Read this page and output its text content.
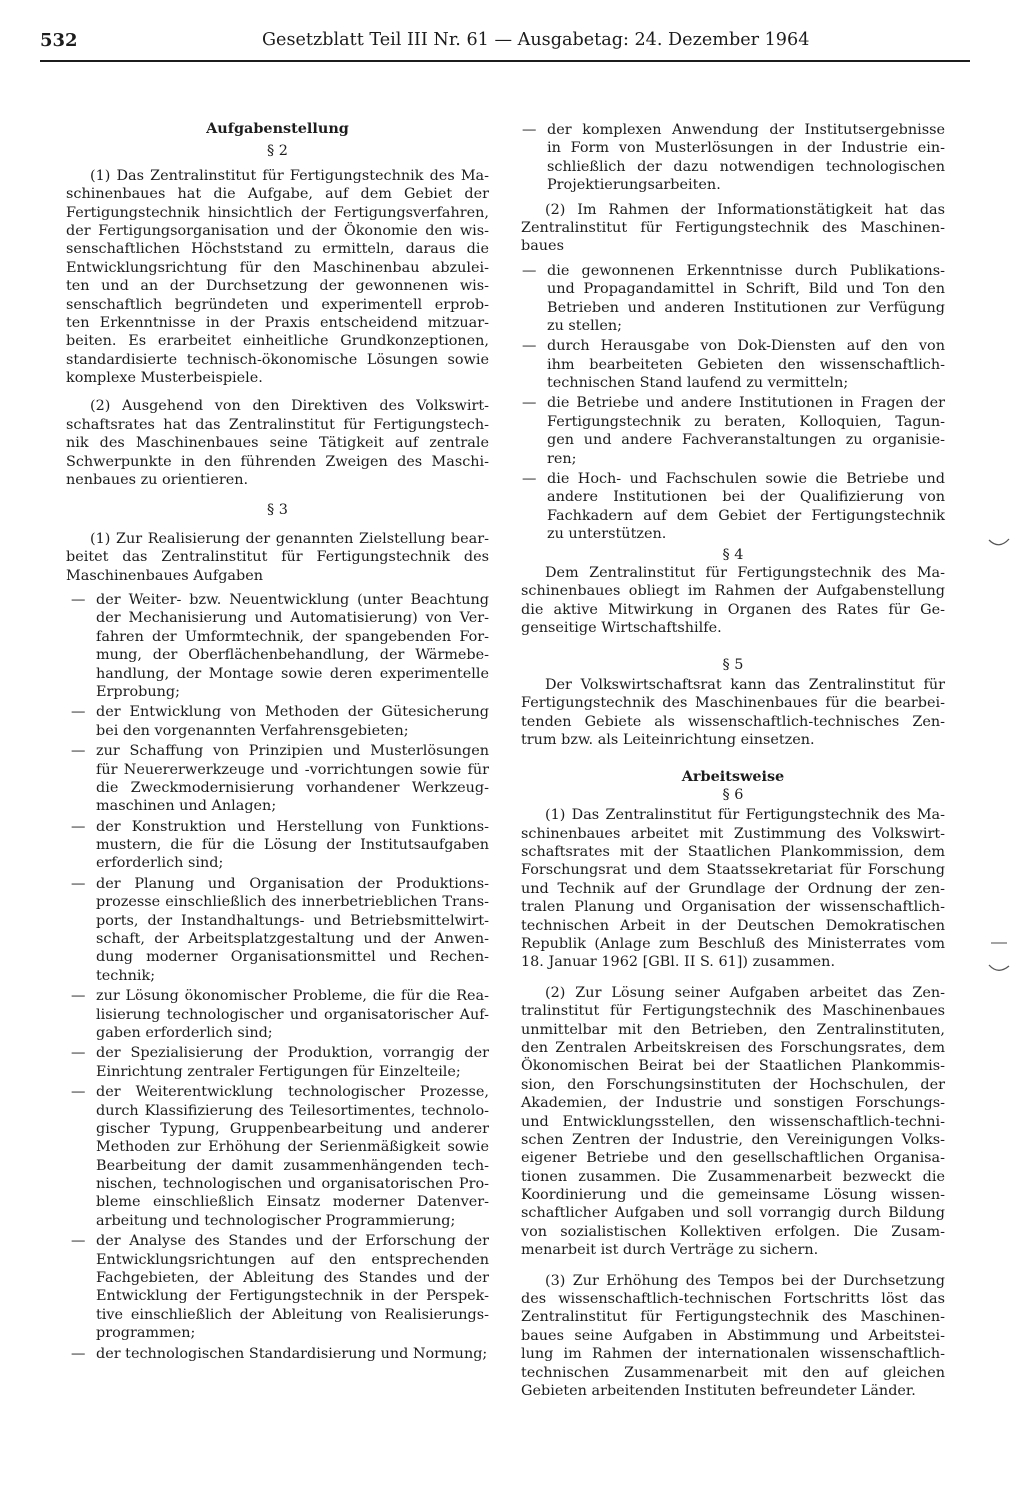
532	Gesetzblatt Teil III Nr. 61 — Ausgabetag: 24. Dezember 1964
Aufgabenstellung
§ 2
(1) Das Zentralinstitut für Fertigungstechnik des Ma-
schinenbaues hat die Aufgabe, auf dem Gebiet der
Fertigungstechnik hinsichtlich der Fertigungsverfahren,
der Fertigungsorganisation und der Ökonomie den wis-
senschaftlichen Höchststand zu ermitteln, daraus die
Entwicklungsrichtung für den Maschinenbau abzulei-
ten und an der Durchsetzung der gewonnenen wis-
senschaftlich begründeten und experimentell erprob-
ten Erkenntnisse in der Praxis entscheidend mitzuar-
beiten. Es erarbeitet einheitliche Grundkonzeptionen,
standardisierte technisch-ökonomische Lösungen sowie
komplexe Musterbeispiele.
(2) Ausgehend von den Direktiven des Volkswirt-
schaftsrates hat das Zentralinstitut für Fertigungstech-
nik des Maschinenbaues seine Tätigkeit auf zentrale
Schwerpunkte in den führenden Zweigen des Maschi-
nenbaues zu orientieren.
§ 3
(1) Zur Realisierung der genannten Zielstellung bear-
beitet das Zentralinstitut für Fertigungstechnik des
Maschinenbaues Aufgaben
— der Weiter- bzw. Neuentwicklung (unter Beachtung
der Mechanisierung und Automatisierung) von Ver-
fahren der Umformtechnik, der spangebenden For-
mung, der Oberflächenbehandlung, der Wärmebe-
handlung, der Montage sowie deren experimentelle
Erprobung;
— der Entwicklung von Methoden der Gütesicherung
bei den vorgenannten Verfahrensgebieten;
— zur Schaffung von Prinzipien und Musterlösungen
für Neuererwerkzeuge und -vorrichtungen sowie für
die Zweckmodernisierung vorhandener Werkzeug-
maschinen und Anlagen;
— der Konstruktion und Herstellung von Funktions-
mustern, die für die Lösung der Institutsaufgaben
erforderlich sind;
— der Planung und Organisation der Produktions-
prozesse einschließlich des innerbetrieblichen Trans-
ports, der Instandhaltungs- und Betriebsmittelwirt-
schaft, der Arbeitsplatzgestaltung und der Anwen-
dung moderner Organisationsmittel und Rechen-
technik;
— zur Lösung ökonomischer Probleme, die für die Rea-
lisierung technologischer und organisatorischer Auf-
gaben erforderlich sind;
— der Spezialisierung der Produktion, vorrangig der
Einrichtung zentraler Fertigungen für Einzelteile;
— der Weiterentwicklung technologischer Prozesse,
durch Klassifizierung des Teilesortimentes, technolo-
gischer Typung, Gruppenbearbeitung und anderer
Methoden zur Erhöhung der Serienmäßigkeit sowie
Bearbeitung der damit zusammenhängenden tech-
nischen, technologischen und organisatorischen Pro-
bleme einschließlich Einsatz moderner Datenver-
arbeitung und technologischer Programmierung;
— der Analyse des Standes und der Erforschung der
Entwicklungsrichtungen auf den entsprechenden
Fachgebieten, der Ableitung des Standes und der
Entwicklung der Fertigungstechnik in der Perspek-
tive einschließlich der Ableitung von Realisierungs-
programmen;
— der technologischen Standardisierung und Normung;
— der komplexen Anwendung der Institutsergebnisse
in Form von Musterlösungen in der Industrie ein-
schließlich der dazu notwendigen technologischen
Projektierungsarbeiten.
(2) Im Rahmen der Informationstätigkeit hat das
Zentralinstitut für Fertigungstechnik des Maschinen-
baues
— die gewonnenen Erkenntnisse durch Publikations-
und Propagandamittel in Schrift, Bild und Ton den
Betrieben und anderen Institutionen zur Verfügung
zu stellen;
— durch Herausgabe von Dok-Diensten auf den von
ihm bearbeiteten Gebieten den wissenschaftlich-
technischen Stand laufend zu vermitteln;
— die Betriebe und andere Institutionen in Fragen der
Fertigungstechnik zu beraten, Kolloquien, Tagun-
gen und andere Fachveranstaltungen zu organisie-
ren;
— die Hoch- und Fachschulen sowie die Betriebe und
andere Institutionen bei der Qualifizierung von
Fachkadern auf dem Gebiet der Fertigungstechnik
zu unterstützen.
§ 4
Dem Zentralinstitut für Fertigungstechnik des Ma-
schinenbaues obliegt im Rahmen der Aufgabenstellung
die aktive Mitwirkung in Organen des Rates für Ge-
genseitige Wirtschaftshilfe.
§ 5
Der Volkswirtschaftsrat kann das Zentralinstitut für
Fertigungstechnik des Maschinenbaues für die bearbei-
tenden Gebiete als wissenschaftlich-technisches Zen-
trum bzw. als Leiteinrichtung einsetzen.
Arbeitsweise
§ 6
(1) Das Zentralinstitut für Fertigungstechnik des Ma-
schinenbaues arbeitet mit Zustimmung des Volkswirt-
schaftsrates mit der Staatlichen Plankommission, dem
Forschungsrat und dem Staatssekretariat für Forschung
und Technik auf der Grundlage der Ordnung der zen-
tralen Planung und Organisation der wissenschaftlich-
technischen Arbeit in der Deutschen Demokratischen
Republik (Anlage zum Beschluß des Ministerrates vom
18. Januar 1962 [GBl. II S. 61]) zusammen.
(2) Zur Lösung seiner Aufgaben arbeitet das Zen-
tralinstitut für Fertigungstechnik des Maschinenbaues
unmittelbar mit den Betrieben, den Zentralinstituten,
den Zentralen Arbeitskreisen des Forschungsrates, dem
Ökonomischen Beirat bei der Staatlichen Plankommis-
sion, den Forschungsinstituten der Hochschulen, der
Akademien, der Industrie und sonstigen Forschungs-
und Entwicklungsstellen, den wissenschaftlich-techni-
schen Zentren der Industrie, den Vereinigungen Volks-
eigener Betriebe und den gesellschaftlichen Organisa-
tionen zusammen. Die Zusammenarbeit bezweckt die
Koordinierung und die gemeinsame Lösung wissen-
schaftlicher Aufgaben und soll vorrangig durch Bildung
von sozialistischen Kollektiven erfolgen. Die Zusam-
menarbeit ist durch Verträge zu sichern.
(3) Zur Erhöhung des Tempos bei der Durchsetzung
des wissenschaftlich-technischen Fortschritts löst das
Zentralinstitut für Fertigungstechnik des Maschinen-
baues seine Aufgaben in Abstimmung und Arbeitstei-
lung im Rahmen der internationalen wissenschaftlich-
technischen Zusammenarbeit mit den auf gleichen
Gebieten arbeitenden Instituten befreundeter Länder.
